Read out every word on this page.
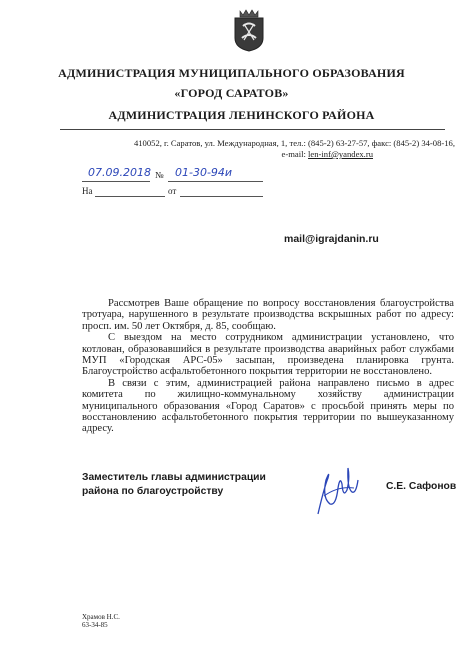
АДМИНИСТРАЦИЯ МУНИЦИПАЛЬНОГО ОБРАЗОВАНИЯ
«ГОРОД САРАТОВ»
АДМИНИСТРАЦИЯ ЛЕНИНСКОГО РАЙОНА
410052, г. Саратов, ул. Международная, 1, тел.: (845-2) 63-27-57, факс: (845-2) 34-08-16,
e-mail: len-inf@yandex.ru
07.09.2018 № 01-30-94и
На	от
mail@igrajdanin.ru

Рассмотрев Ваше обращение по вопросу восстановления благоустройства тротуара, нарушенного в результате производства вскрышных работ по адресу: просп. им. 50 лет Октября, д. 85, сообщаю.

С выездом на место сотрудником администрации установлено, что котлован, образовавшийся в результате производства аварийных работ службами МУП «Городская АРС-05» засыпан, произведена планировка грунта. Благоустройство асфальтобетонного покрытия территории не восстановлено.

В связи с этим, администрацией района направлено письмо в адрес комитета по жилищно-коммунальному хозяйству администрации муниципального образования «Город Саратов» с просьбой принять меры по восстановлению асфальтобетонного покрытия территории по вышеуказанному адресу.

Заместитель главы администрации
района по благоустройству	С.Е. Сафонов
Храмов Н.С.
63-34-85
